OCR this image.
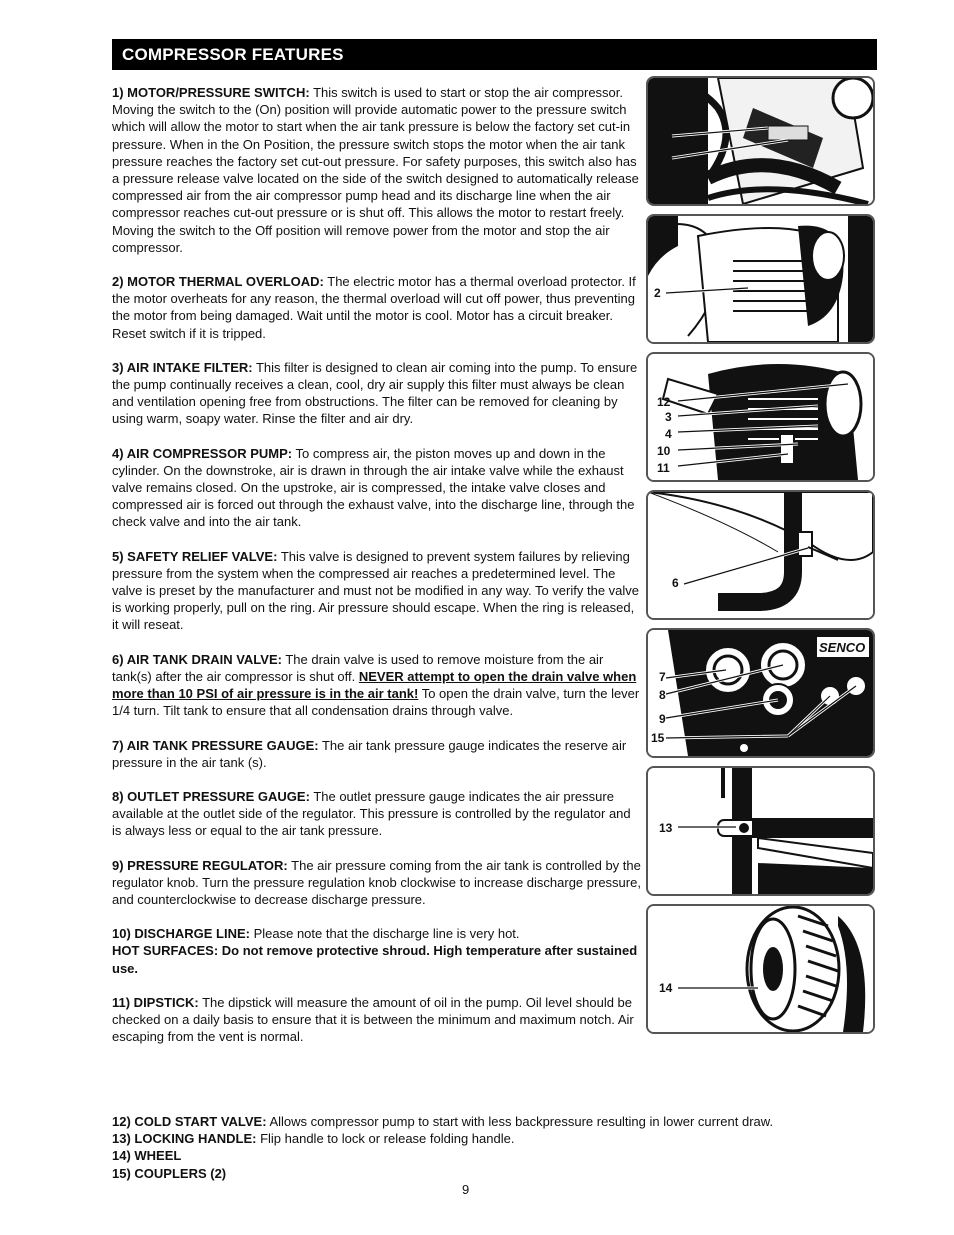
COMPRESSOR FEATURES

1) MOTOR/PRESSURE SWITCH: This switch is used to start or stop the air compressor. Moving the switch to the (On) position will provide automatic power to the pressure switch which will allow the motor to start when the air tank pressure is below the factory set cut-in pressure. When in the On Position, the pressure switch stops the motor when the air tank pressure reaches the factory set cut-out pressure. For safety purposes, this switch also has a pressure release valve located on the side of the switch designed to automatically release compressed air from the air compressor pump head and its discharge line when the air compressor reaches cut-out pressure or is shut off. This allows the motor to restart freely. Moving the switch to the Off position will remove power from the motor and stop the air compressor.

2) MOTOR THERMAL OVERLOAD: The electric motor has a thermal overload protector. If the motor overheats for any reason, the thermal overload will cut off power, thus preventing the motor from being damaged. Wait until the motor is cool. Motor has a circuit breaker. Reset switch if it is tripped.

3) AIR INTAKE FILTER: This filter is designed to clean air coming into the pump. To ensure the pump continually receives a clean, cool, dry air supply this filter must always be clean and ventilation opening free from obstructions. The filter can be removed for cleaning by using warm, soapy water. Rinse the filter and air dry.

4) AIR COMPRESSOR PUMP: To compress air, the piston moves up and down in the cylinder. On the downstroke, air is drawn in through the air intake valve while the exhaust valve remains closed. On the upstroke, air is compressed, the intake valve closes and compressed air is forced out through the exhaust valve, into the discharge line, through the check valve and into the air tank.

5) SAFETY RELIEF VALVE: This valve is designed to prevent system failures by relieving pressure from the system when the compressed air reaches a predetermined level. The valve is preset by the manufacturer and must not be modified in any way. To verify the valve is working properly, pull on the ring. Air pressure should escape. When the ring is released, it will reseat.

6) AIR TANK DRAIN VALVE: The drain valve is used to remove moisture from the air tank(s) after the air compressor is shut off. NEVER attempt to open the drain valve when more than 10 PSI of air pressure is in the air tank! To open the drain valve, turn the lever 1/4 turn. Tilt tank to ensure that all condensation drains through valve.

7) AIR TANK PRESSURE GAUGE: The air tank pressure gauge indicates the reserve air pressure in the air tank (s).

8) OUTLET PRESSURE GAUGE: The outlet pressure gauge indicates the air pressure available at the outlet side of the regulator. This pressure is controlled by the regulator and is always less or equal to the air tank pressure.

9) PRESSURE REGULATOR: The air pressure coming from the air tank is controlled by the regulator knob. Turn the pressure regulation knob clockwise to increase discharge pressure, and counterclockwise to decrease discharge pressure.

10) DISCHARGE LINE: Please note that the discharge line is very hot.
HOT SURFACES: Do not remove protective shroud. High temperature after sustained use.

11) DIPSTICK: The dipstick will measure the amount of oil in the pump. Oil level should be checked on a daily basis to ensure that it is between the minimum and maximum notch. Air escaping from the vent is normal.

12) COLD START VALVE: Allows compressor pump to start with less backpressure resulting in lower current draw.
13) LOCKING HANDLE: Flip handle to lock or release folding handle.
14) WHEEL
15) COUPLERS (2)
9
5
1
2
12
3
4
10
11
6
SENCO
7
8
9
15
13
14
